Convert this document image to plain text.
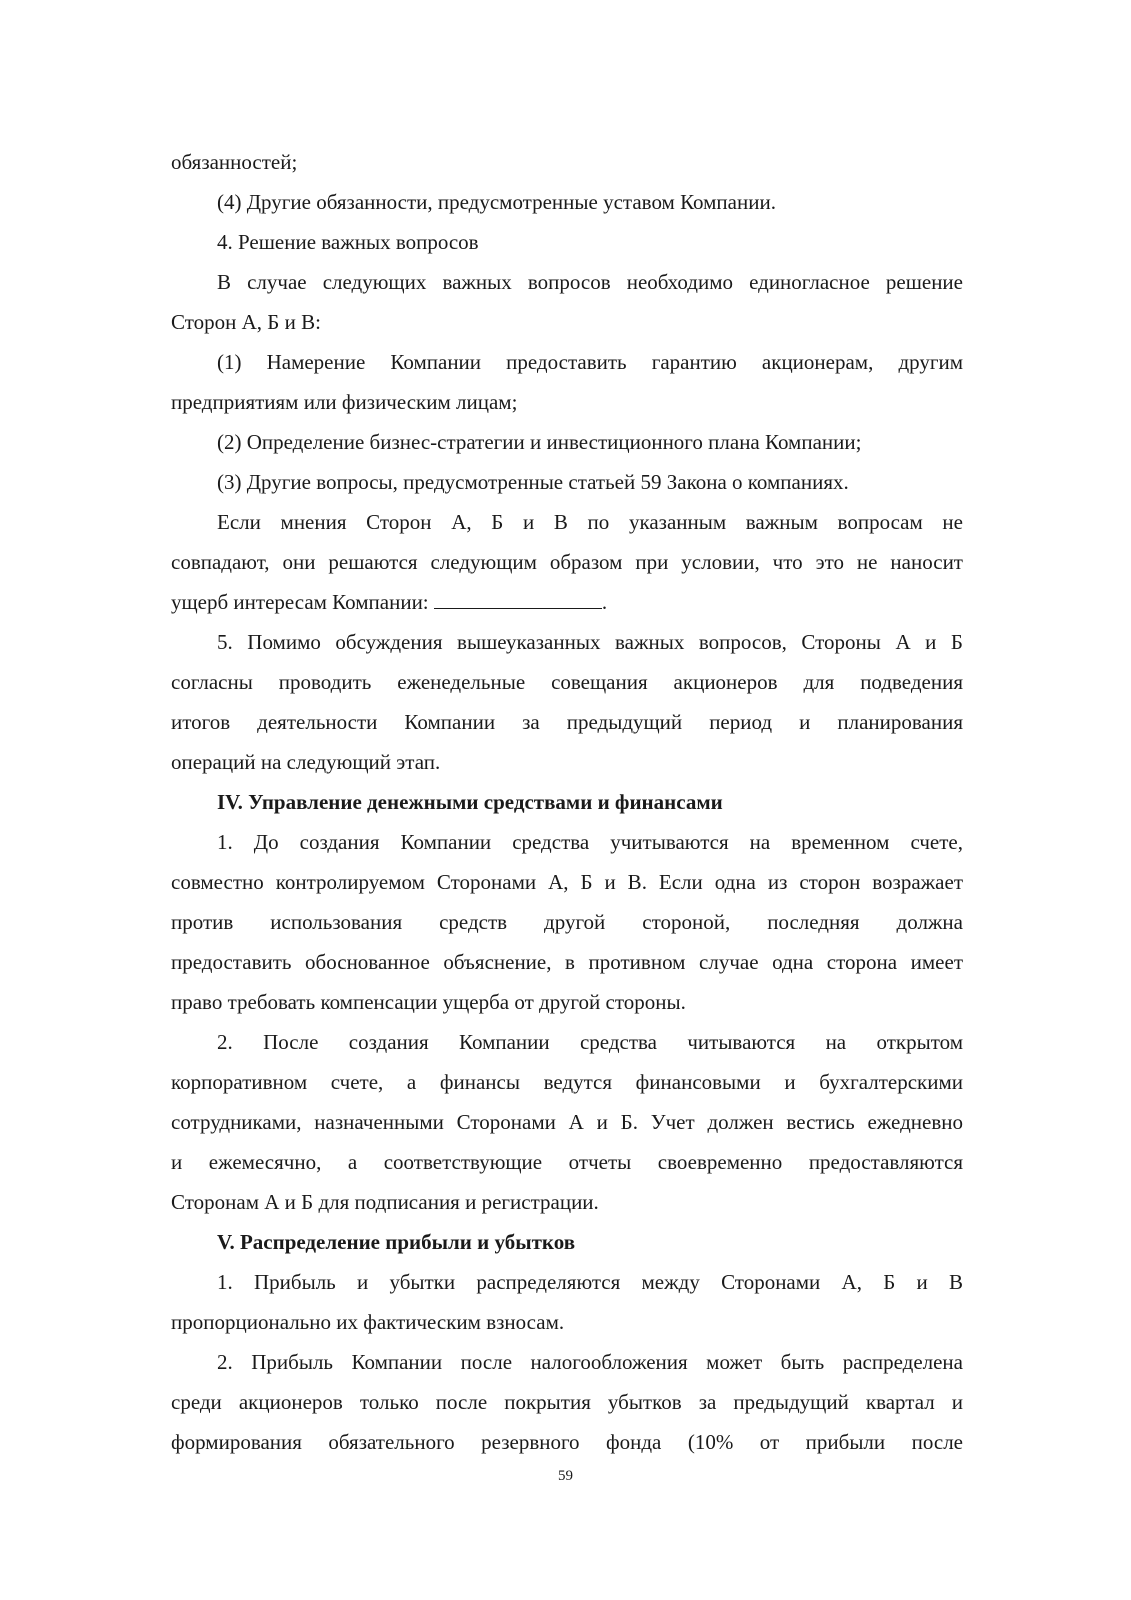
обязанностей;
(4) Другие обязанности, предусмотренные уставом Компании.
4. Решение важных вопросов
В случае следующих важных вопросов необходимо единогласное решение
Сторон А, Б и В:
(1) Намерение Компании предоставить гарантию акционерам, другим
предприятиям или физическим лицам;
(2) Определение бизнес-стратегии и инвестиционного плана Компании;
(3) Другие вопросы, предусмотренные статьей 59 Закона о компаниях.
Если мнения Сторон А, Б и В по указанным важным вопросам не
совпадают, они решаются следующим образом при условии, что это не наносит
ущерб интересам Компании:	.
5. Помимо обсуждения вышеуказанных важных вопросов, Стороны А и Б
согласны проводить еженедельные совещания акционеров для подведения
итогов деятельности Компании за предыдущий период и планирования
операций на следующий этап.
IV. Управление денежными средствами и финансами
1. До создания Компании средства учитываются на временном счете,
совместно контролируемом Сторонами А, Б и В. Если одна из сторон возражает
против использования средств другой стороной, последняя должна
предоставить обоснованное объяснение, в противном случае одна сторона имеет
право требовать компенсации ущерба от другой стороны.
2. После создания Компании средства читываются на открытом
корпоративном счете, а финансы ведутся финансовыми и бухгалтерскими
сотрудниками, назначенными Сторонами А и Б. Учет должен вестись ежедневно
и ежемесячно, а соответствующие отчеты своевременно предоставляются
Сторонам А и Б для подписания и регистрации.
V. Распределение прибыли и убытков
1. Прибыль и убытки распределяются между Сторонами А, Б и В
пропорционально их фактическим взносам.
2. Прибыль Компании после налогообложения может быть распределена
среди акционеров только после покрытия убытков за предыдущий квартал и
формирования обязательного резервного фонда (10% от прибыли после
59
